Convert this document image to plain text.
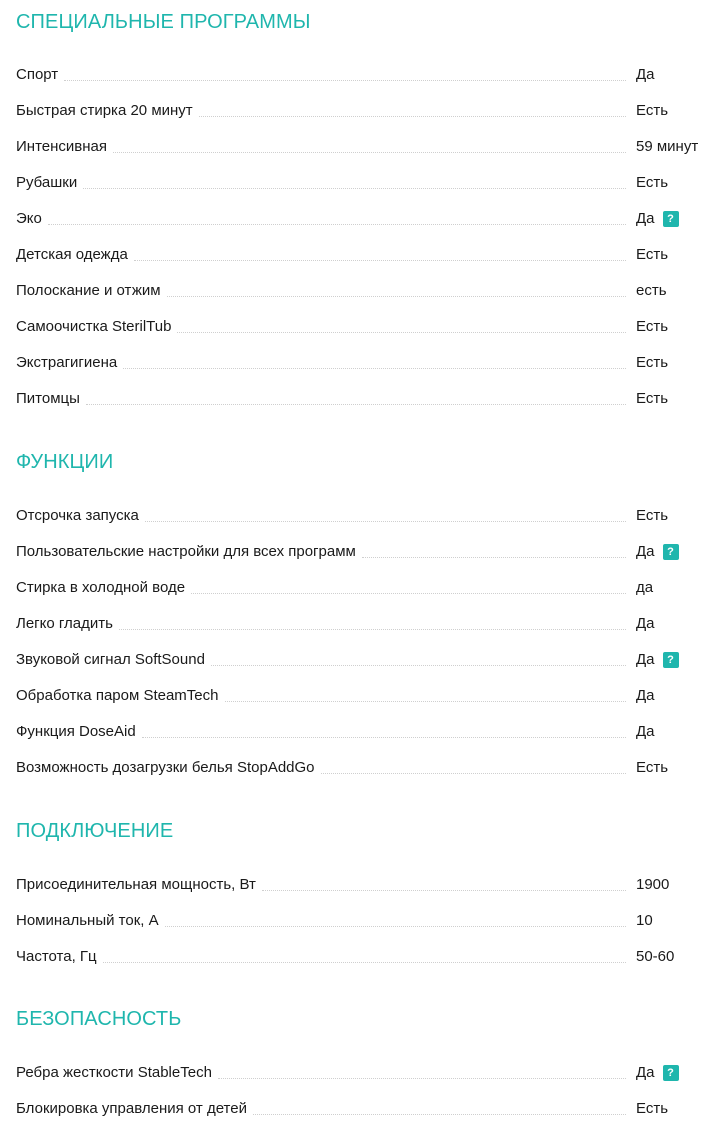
СПЕЦИАЛЬНЫЕ ПРОГРАММЫ
Спорт	Да
Быстрая стирка 20 минут	Есть
Интенсивная	59 минут
Рубашки	Есть
Эко	Да	?
Детская одежда	Есть
Полоскание и отжим	есть
Самоочистка SterilTub	Есть
Экстрагигиена	Есть
Питомцы	Есть
ФУНКЦИИ
Отсрочка запуска	Есть
Пользовательские настройки для всех программ	Да	?
Стирка в холодной воде	да
Легко гладить	Да
Звуковой сигнал SoftSound	Да	?
Обработка паром SteamTech	Да
Функция DoseAid	Да
Возможность дозагрузки белья StopAddGo	Есть
ПОДКЛЮЧЕНИЕ
Присоединительная мощность, Вт	1900
Номинальный ток, А	10
Частота, Гц	50-60
БЕЗОПАСНОСТЬ
Ребра жесткости StableTech	Да	?
Блокировка управления от детей	Есть
